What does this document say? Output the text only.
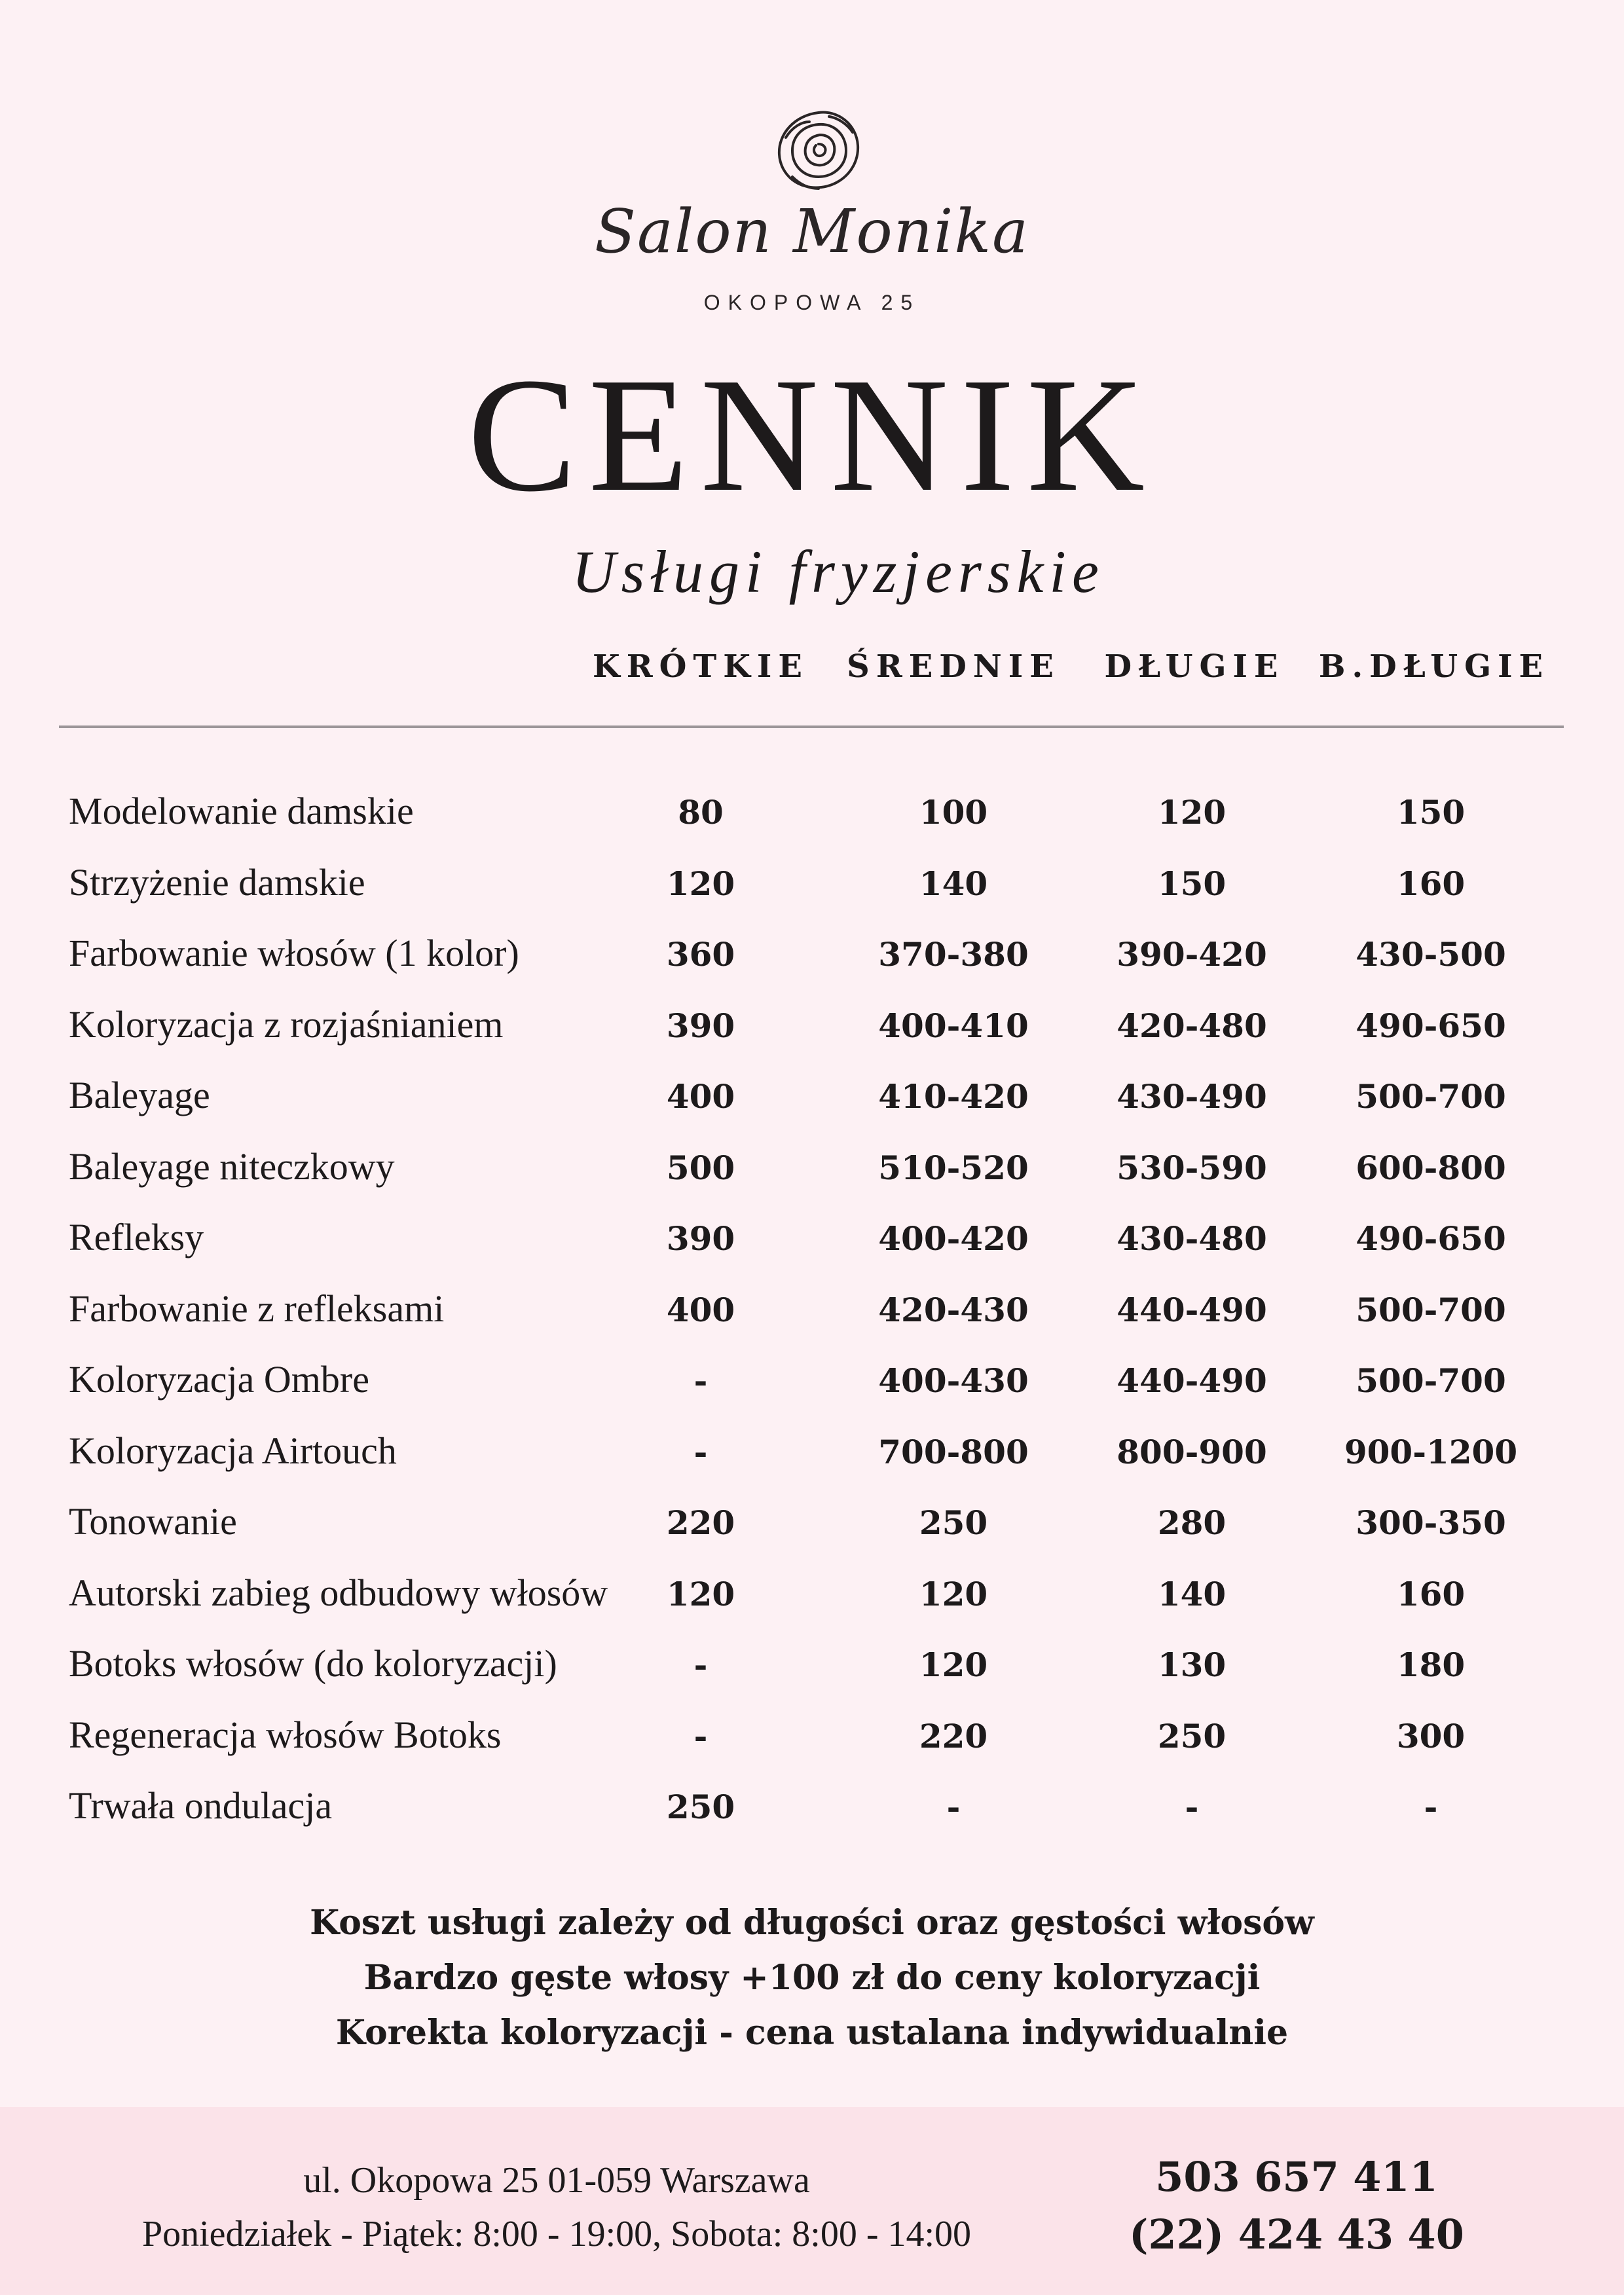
Salon Monika
OKOPOWA 25
CENNIK
Usługi fryzjerskie
KRÓTKIE	ŚREDNIE	DŁUGIE	B.DŁUGIE
Modelowanie damskie	80	100	120	150
Strzyżenie damskie	120	140	150	160
Farbowanie włosów (1 kolor)	360	370-380	390-420	430-500
Koloryzacja z rozjaśnianiem	390	400-410	420-480	490-650
Baleyage	400	410-420	430-490	500-700
Baleyage niteczkowy	500	510-520	530-590	600-800
Refleksy	390	400-420	430-480	490-650
Farbowanie z refleksami	400	420-430	440-490	500-700
Koloryzacja Ombre	-	400-430	440-490	500-700
Koloryzacja Airtouch	-	700-800	800-900	900-1200
Tonowanie	220	250	280	300-350
Autorski zabieg odbudowy włosów	120	120	140	160
Botoks włosów (do koloryzacji)	-	120	130	180
Regeneracja włosów Botoks	-	220	250	300
Trwała ondulacja	250	-	-	-
Koszt usługi zależy od długości oraz gęstości włosów
Bardzo gęste włosy +100 zł do ceny koloryzacji
Korekta koloryzacji - cena ustalana indywidualnie
ul. Okopowa 25 01-059 Warszawa
Poniedziałek - Piątek: 8:00 - 19:00, Sobota: 8:00 - 14:00
503 657 411
(22) 424 43 40
